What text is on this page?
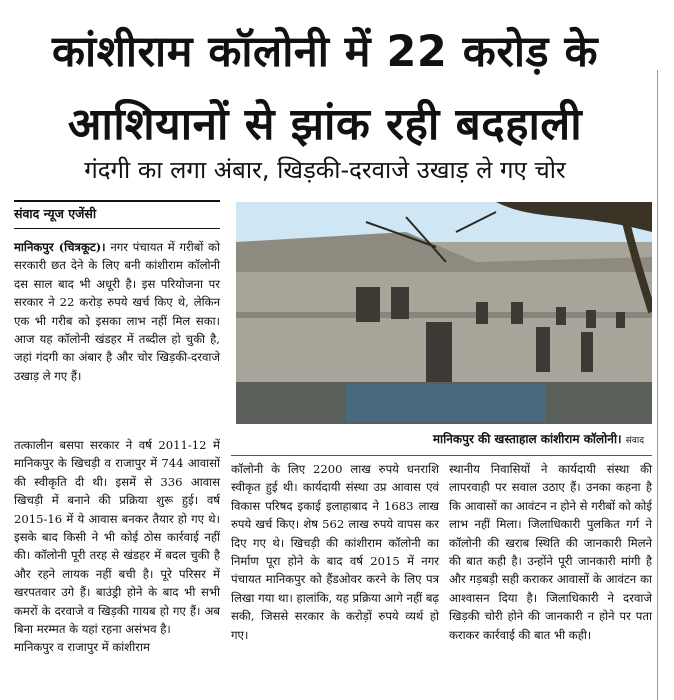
कांशीराम कॉलोनी में 22 करोड़ के
आशियानों से झांक रही बदहाली
गंदगी का लगा अंबार, खिड़की-दरवाजे उखाड़ ले गए चोर
संवाद न्यूज एजेंसी
मानिकपुर (चित्रकूट)। नगर पंचायत में गरीबों को सरकारी छत देने के लिए बनी कांशीराम कॉलोनी दस साल बाद भी अधूरी है। इस परियोजना पर सरकार ने 22 करोड़ रुपये खर्च किए थे, लेकिन एक भी गरीब को इसका लाभ नहीं मिल सका। आज यह कॉलोनी खंडहर में तब्दील हो चुकी है, जहां गंदगी का अंबार है और चोर खिड़की-दरवाजे उखाड़ ले गए हैं।
तत्कालीन बसपा सरकार ने वर्ष 2011-12 में मानिकपुर के खिचड़ी व राजापुर में 744 आवासों की स्वीकृति दी थी। इसमें से 336 आवास खिचड़ी में बनाने की प्रक्रिया शुरू हुई। वर्ष 2015-16 में ये आवास बनकर तैयार हो गए थे। इसके बाद किसी ने भी कोई ठोस कार्रवाई नहीं की। कॉलोनी पूरी तरह से खंडहर में बदल चुकी है और रहने लायक नहीं बची है। पूरे परिसर में खरपतवार उगे हैं। बाउंड्री होने के बाद भी सभी कमरों के दरवाजे व खिड़की गायब हो गए हैं। अब बिना मरम्मत के यहां रहना असंभव है।
मानिकपुर व राजापुर में कांशीराम
कॉलोनी के लिए 2200 लाख रुपये धनराशि स्वीकृत हुई थी। कार्यदायी संस्था उप्र आवास एवं विकास परिषद इकाई इलाहाबाद ने 1683 लाख रुपये खर्च किए। शेष 562 लाख रुपये वापस कर दिए गए थे। खिचड़ी की कांशीराम कॉलोनी का निर्माण पूरा होने के बाद वर्ष 2015 में नगर पंचायत मानिकपुर को हैंडओवर करने के लिए पत्र लिखा गया था। हालांकि, यह प्रक्रिया आगे नहीं बढ़ सकी, जिससे सरकार के करोड़ों रुपये व्यर्थ हो गए।
स्थानीय निवासियों ने कार्यदायी संस्था की लापरवाही पर सवाल उठाए हैं। उनका कहना है कि आवासों का आवंटन न होने से गरीबों को कोई लाभ नहीं मिला। जिलाधिकारी पुलकित गर्ग ने कॉलोनी की खराब स्थिति की जानकारी मिलने की बात कही है। उन्होंने पूरी जानकारी मांगी है और गड़बड़ी सही कराकर आवासों के आवंटन का आश्वासन दिया है। जिलाधिकारी ने दरवाजे खिड़की चोरी होने की जानकारी न होने पर पता कराकर कार्रवाई की बात भी कही।
मानिकपुर की खस्ताहाल कांशीराम कॉलोनी। संवाद
